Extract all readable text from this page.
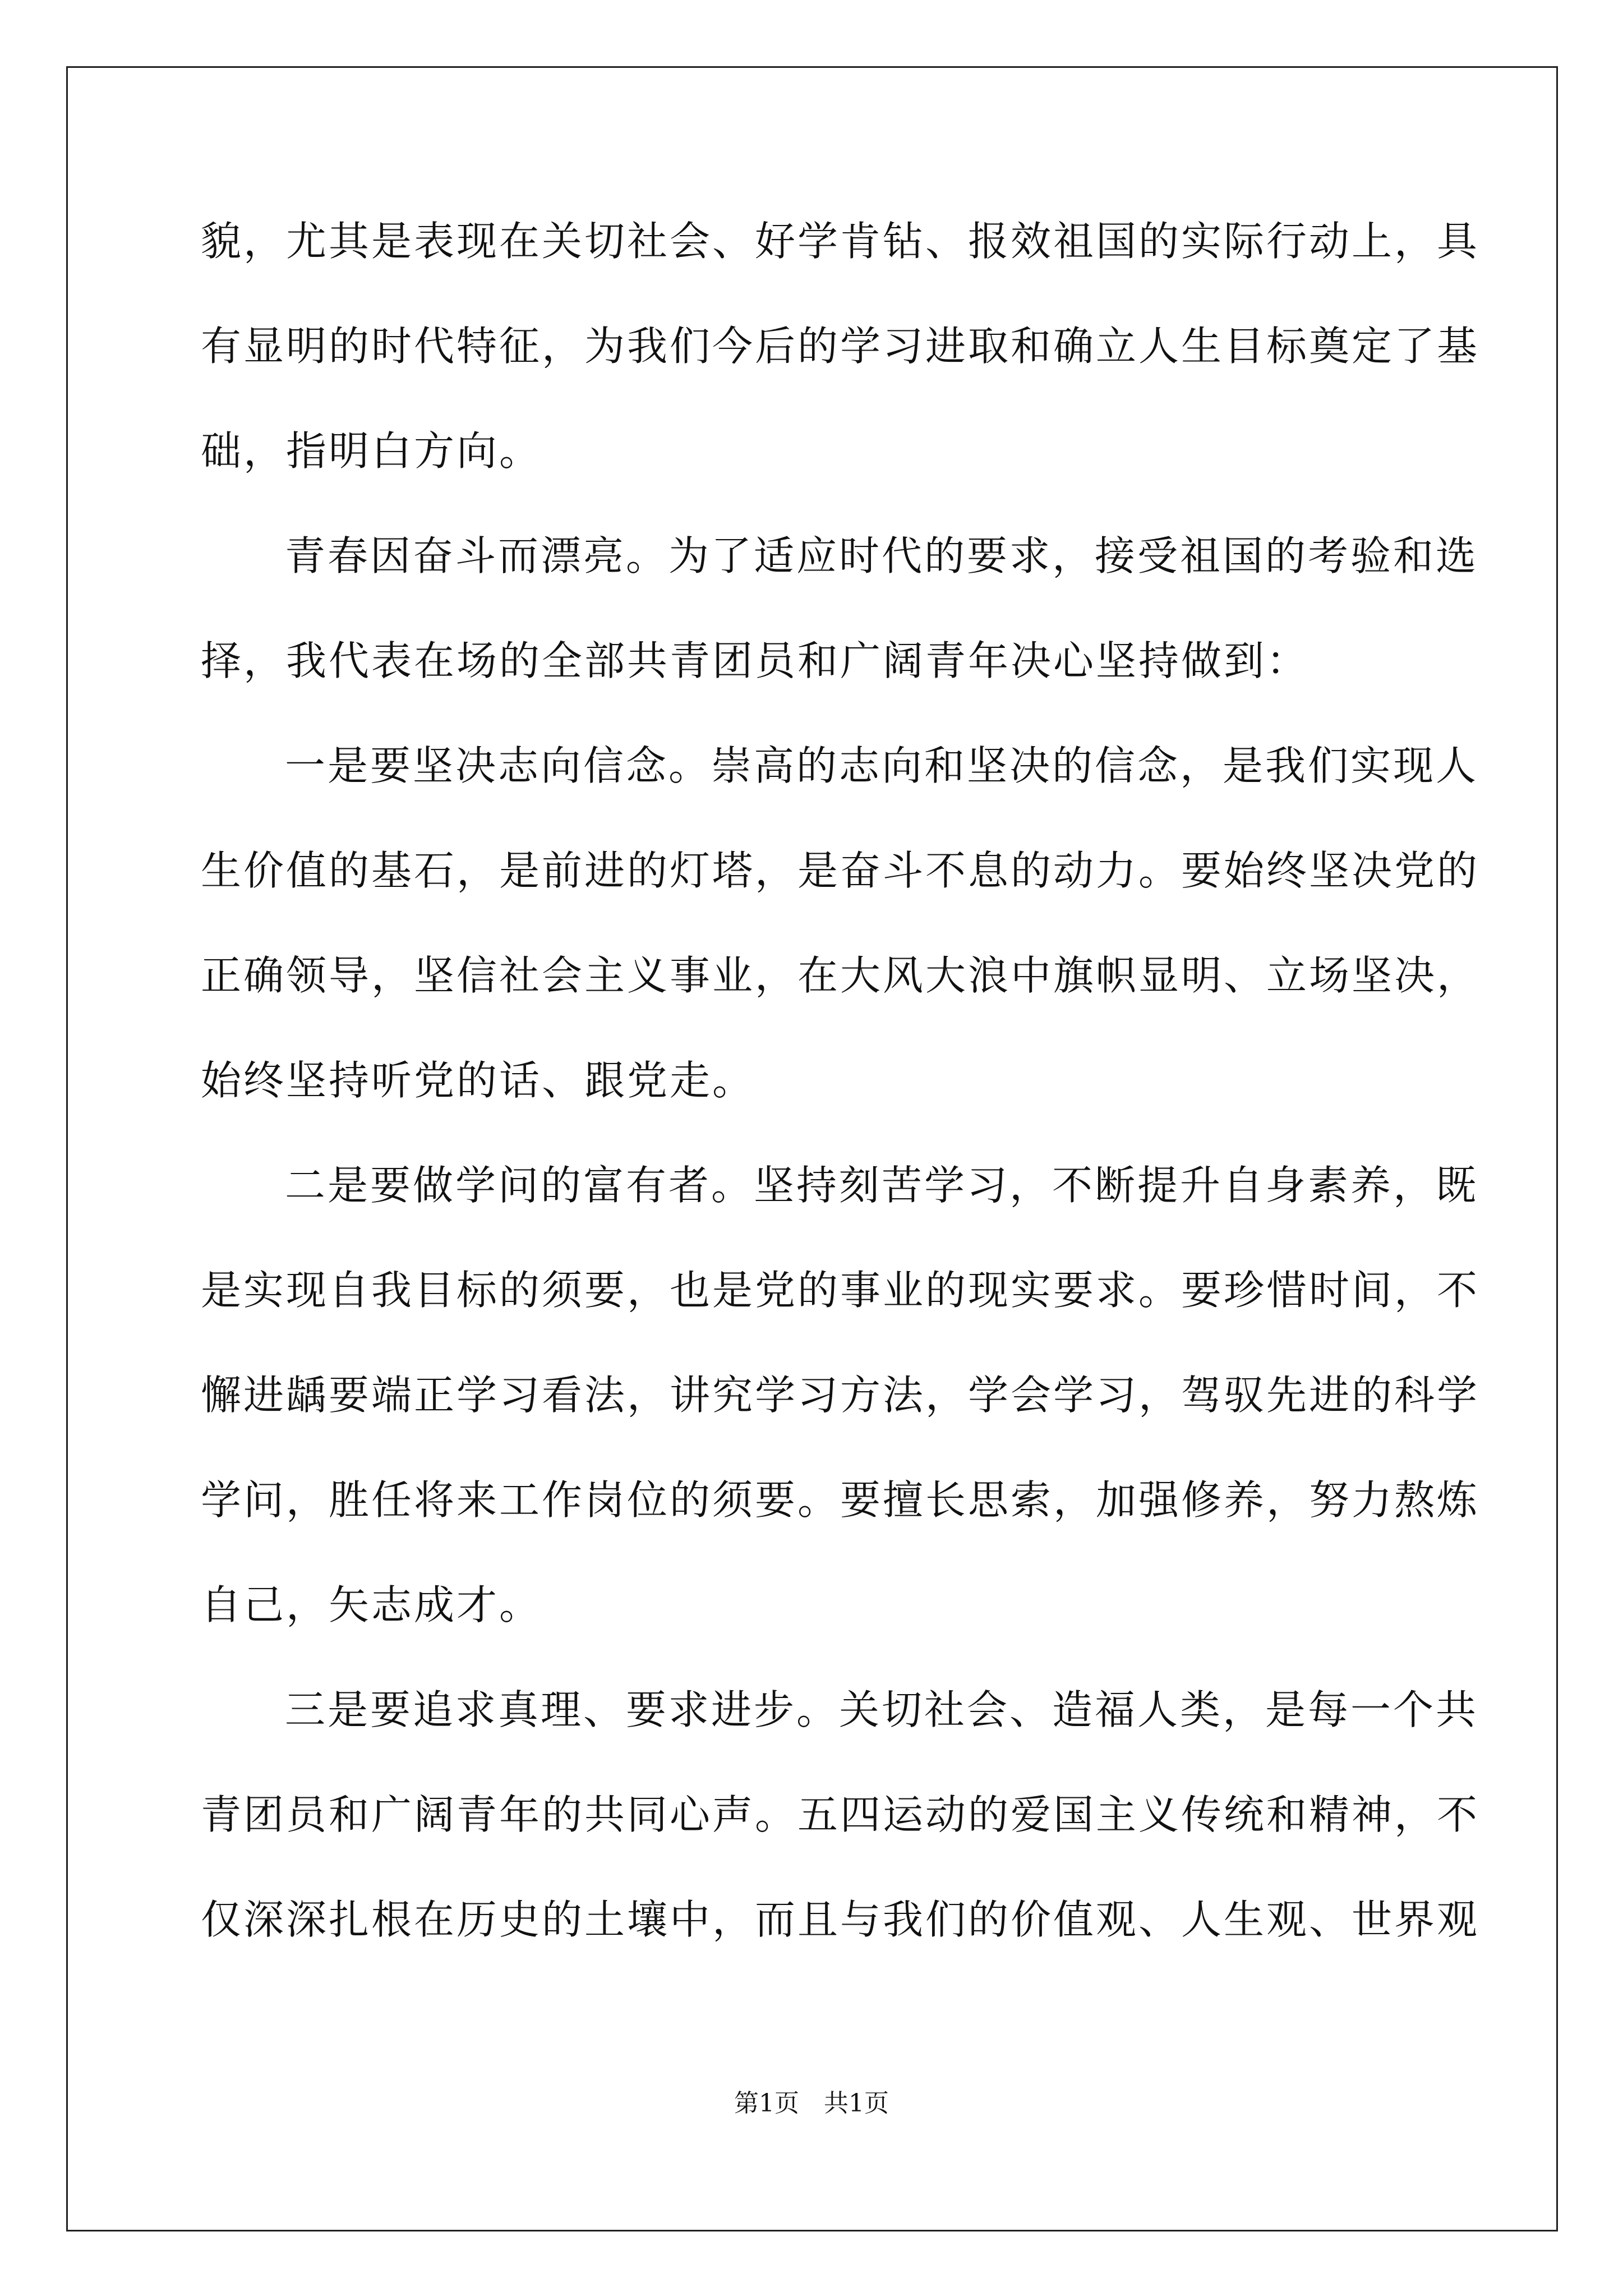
貌，尤其是表现在关切社会、好学肯钻、报效祖国的实际行动上，具
有显明的时代特征，为我们今后的学习进取和确立人生目标奠定了基
础，指明白方向。
青春因奋斗而漂亮。为了适应时代的要求，接受祖国的考验和选
择，我代表在场的全部共青团员和广阔青年决心坚持做到：
一是要坚决志向信念。崇高的志向和坚决的信念，是我们实现人
生价值的基石，是前进的灯塔，是奋斗不息的动力。要始终坚决党的
正确领导，坚信社会主义事业，在大风大浪中旗帜显明、立场坚决，
始终坚持听党的话、跟党走。
二是要做学问的富有者。坚持刻苦学习，不断提升自身素养，既
是实现自我目标的须要，也是党的事业的现实要求。要珍惜时间，不
懈进龋要端正学习看法，讲究学习方法，学会学习，驾驭先进的科学
学问，胜任将来工作岗位的须要。要擅长思索，加强修养，努力熬炼
自己，矢志成才。
三是要追求真理、要求进步。关切社会、造福人类，是每一个共
青团员和广阔青年的共同心声。五四运动的爱国主义传统和精神，不
仅深深扎根在历史的土壤中，而且与我们的价值观、人生观、世界观
第1页　共1页
